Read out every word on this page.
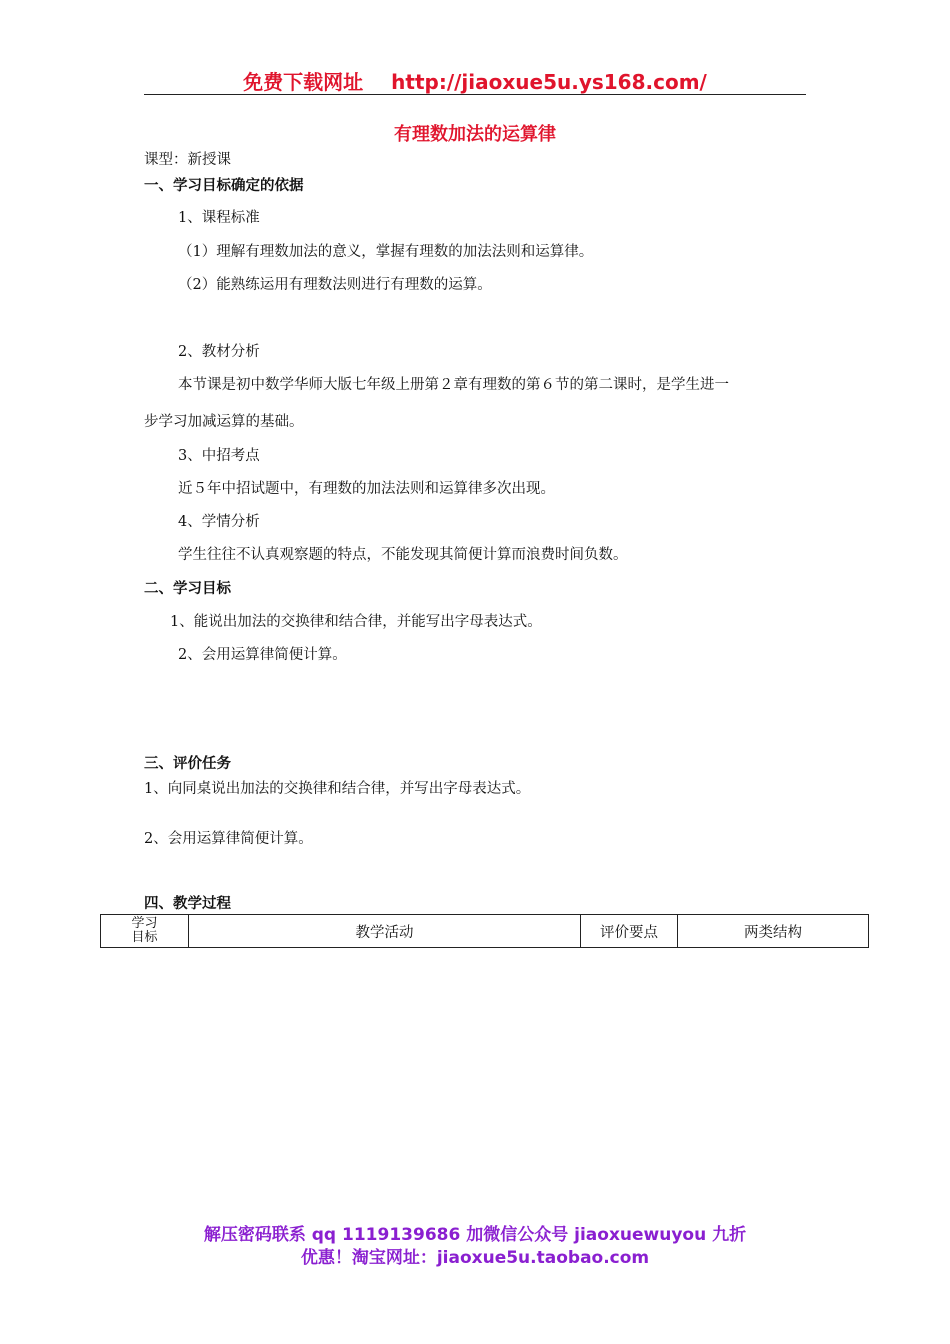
免费下载网址 http://jiaoxue5u.ys168.com/
有理数加法的运算律
课型：新授课
一、学习目标确定的依据
1、课程标准
（1）理解有理数加法的意义，掌握有理数的加法法则和运算律。
（2）能熟练运用有理数法则进行有理数的运算。
2、教材分析
本节课是初中数学华师大版七年级上册第２章有理数的第６节的第二课时，是学生进一
步学习加减运算的基础。
3、中招考点
近５年中招试题中，有理数的加法法则和运算律多次出现。
4、学情分析
学生往往不认真观察题的特点，不能发现其简便计算而浪费时间负数。
二、学习目标
1、能说出加法的交换律和结合律，并能写出字母表达式。
2、会用运算律简便计算。
三、评价任务
1、向同桌说出加法的交换律和结合律，并写出字母表达式。
2、会用运算律简便计算。
四、教学过程
学习
目标	教学活动	评价要点	两类结构
解压密码联系 qq 1119139686 加微信公众号 jiaoxuewuyou 九折
优惠！淘宝网址：jiaoxue5u.taobao.com
